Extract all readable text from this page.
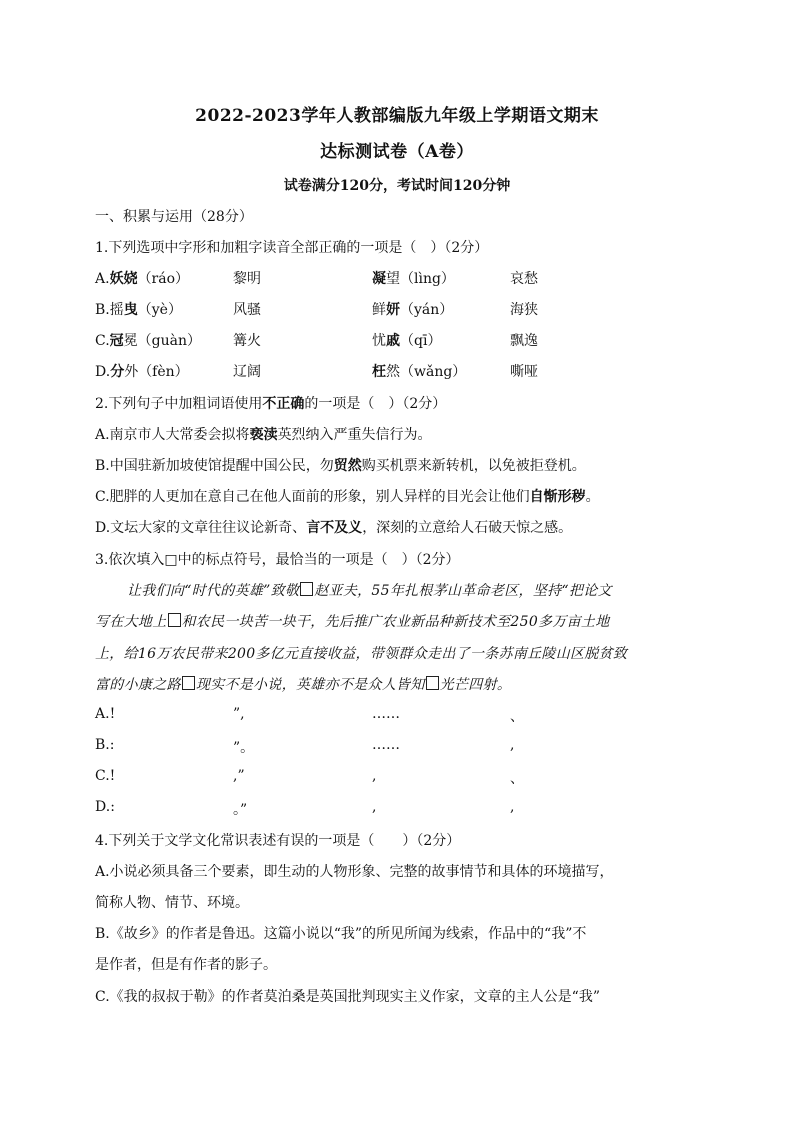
2022-2023学年人教部编版九年级上学期语文期末
达标测试卷（A卷）
试卷满分120分，考试时间120分钟
一、积累与运用（28分）
1.下列选项中字形和加粗字读音全部正确的一项是（　）（2分）
A.妖娆（ráo）	黎明	凝望（lìng）	哀愁
B.摇曳（yè）	风骚	鲜妍（yán）	海狭
C.冠冕（guàn） 篝火	忧戚（qī）	飘逸
D.分外（fèn）	辽阔	枉然（wǎng）	嘶哑
2.下列句子中加粗词语使用不正确的一项是（　）（2分）
A.南京市人大常委会拟将亵渎英烈纳入严重失信行为。
B.中国驻新加坡使馆提醒中国公民，勿贸然购买机票来新转机，以免被拒登机。
C.肥胖的人更加在意自己在他人面前的形象，别人异样的目光会让他们自惭形秽。
D.文坛大家的文章往往议论新奇、言不及义，深刻的立意给人石破天惊之感。
3.依次填入□中的标点符号，最恰当的一项是（　）（2分）
让我们向“时代的英雄”致敬 赵亚夫，55年扎根茅山革命老区，坚持“把论文
写在大地上 和农民一块苦一块干，先后推广农业新品种新技术至250多万亩土地
上，给16万农民带来200多亿元直接收益，带领群众走出了一条苏南丘陵山区脱贫致
富的小康之路 现实不是小说，英雄亦不是众人皆知 光芒四射。
A.!	”,	……	、
B.:	”。	……	,
C.!	,”	,	、
D.:	。”	,	,
4.下列关于文学文化常识表述有误的一项是（　　）（2分）
A.小说必须具备三个要素，即生动的人物形象、完整的故事情节和具体的环境描写，
简称人物、情节、环境。
B.《故乡》的作者是鲁迅。这篇小说以“我”的所见所闻为线索，作品中的“我”不
是作者，但是有作者的影子。
C.《我的叔叔于勒》的作者莫泊桑是英国批判现实主义作家，文章的主人公是“我”
